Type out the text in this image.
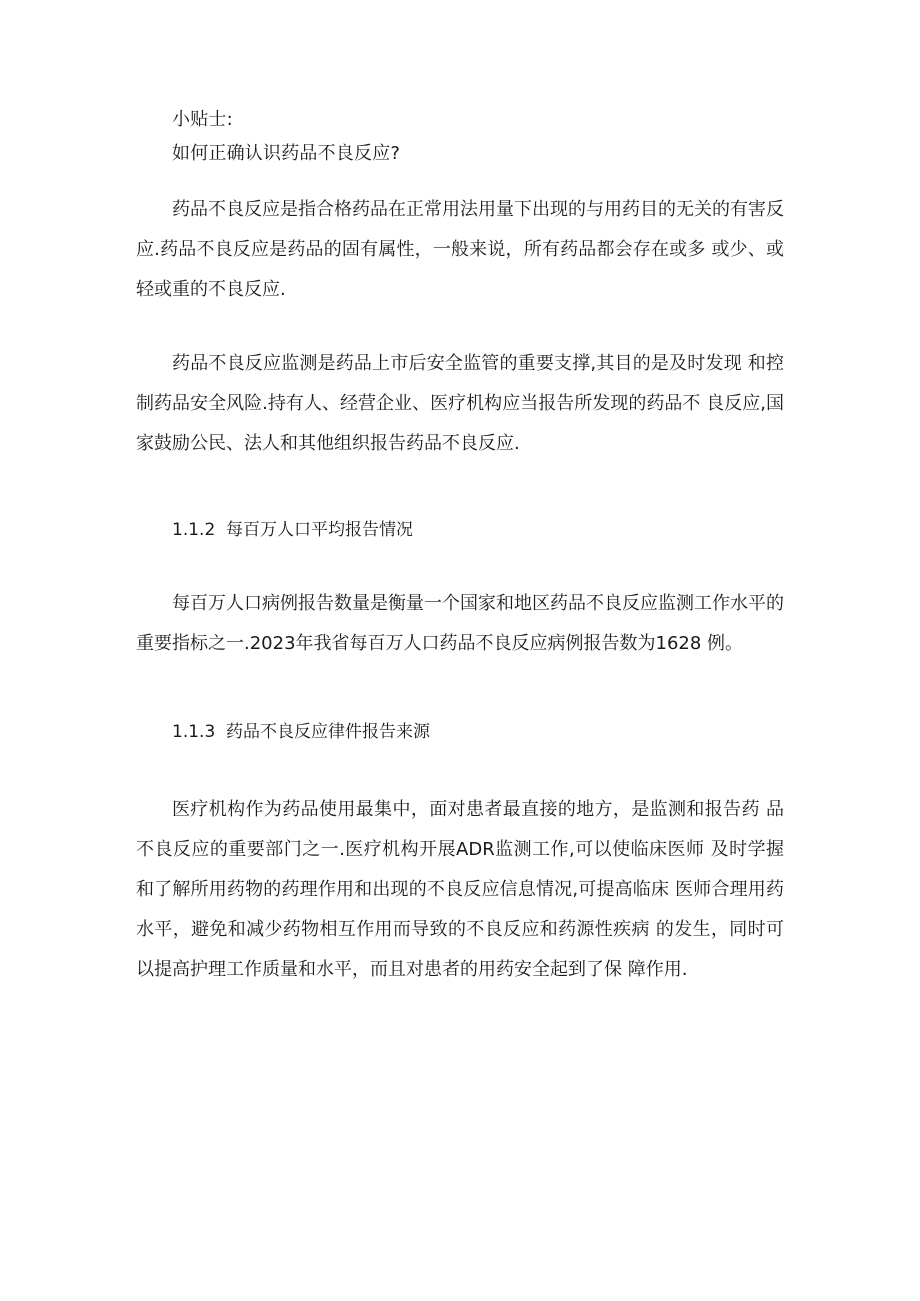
小贴士:
如何正确认识药品不良反应?

药品不良反应是指合格药品在正常用法用量下出现的与用药目的无关的有害反应.药品不良反应是药品的固有属性，一般来说，所有药品都会存在或多 或少、或轻或重的不良反应.

药品不良反应监测是药品上市后安全监管的重要支撑,其目的是及时发现 和控制药品安全风险.持有人、经营企业、医疗机构应当报告所发现的药品不 良反应,国家鼓励公民、法人和其他组织报告药品不良反应.

1.1.2 每百万人口平均报告情况

每百万人口病例报告数量是衡量一个国家和地区药品不良反应监测工作水平的重要指标之一.2023年我省每百万人口药品不良反应病例报告数为1628 例。

1.1.3 药品不良反应律件报告来源

医疗机构作为药品使用最集中，面对患者最直接的地方，是监测和报告药 品不良反应的重要部门之一.医疗机构开展ADR监测工作,可以使临床医师 及时学握和了解所用药物的药理作用和出现的不良反应信息情况,可提高临床 医师合理用药水平，避免和减少药物相互作用而导致的不良反应和药源性疾病 的发生，同时可以提高护理工作质量和水平，而且对患者的用药安全起到了保 障作用.
